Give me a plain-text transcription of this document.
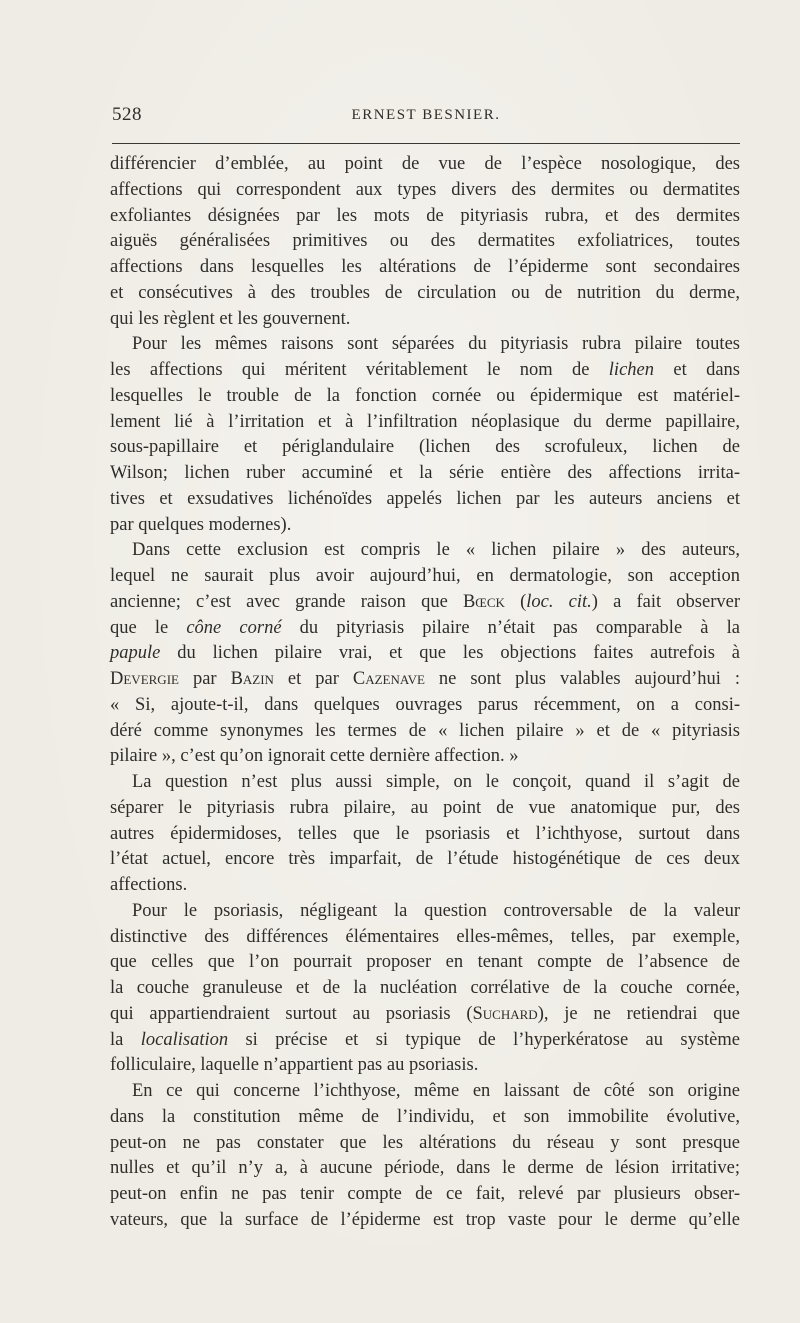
528	ERNEST BESNIER.
différencier d’emblée, au point de vue de l’espèce nosologique, des
affections qui correspondent aux types divers des dermites ou dermatites
exfoliantes désignées par les mots de pityriasis rubra, et des dermites
aiguës généralisées primitives ou des dermatites exfoliatrices, toutes
affections dans lesquelles les altérations de l’épiderme sont secondaires
et consécutives à des troubles de circulation ou de nutrition du derme,
qui les règlent et les gouvernent.
Pour les mêmes raisons sont séparées du pityriasis rubra pilaire toutes
les affections qui méritent véritablement le nom de lichen et dans
lesquelles le trouble de la fonction cornée ou épidermique est matériel-
lement lié à l’irritation et à l’infiltration néoplasique du derme papillaire,
sous-papillaire et périglandulaire (lichen des scrofuleux, lichen de
Wilson; lichen ruber accuminé et la série entière des affections irrita-
tives et exsudatives lichénoïdes appelés lichen par les auteurs anciens et
par quelques modernes).
Dans cette exclusion est compris le « lichen pilaire » des auteurs,
lequel ne saurait plus avoir aujourd’hui, en dermatologie, son acception
ancienne; c’est avec grande raison que Bœck (loc. cit.) a fait observer
que le cône corné du pityriasis pilaire n’était pas comparable à la
papule du lichen pilaire vrai, et que les objections faites autrefois à
Devergie par Bazin et par Cazenave ne sont plus valables aujourd’hui :
« Si, ajoute-t-il, dans quelques ouvrages parus récemment, on a consi-
déré comme synonymes les termes de « lichen pilaire » et de « pityriasis
pilaire », c’est qu’on ignorait cette dernière affection. »
La question n’est plus aussi simple, on le conçoit, quand il s’agit de
séparer le pityriasis rubra pilaire, au point de vue anatomique pur, des
autres épidermidoses, telles que le psoriasis et l’ichthyose, surtout dans
l’état actuel, encore très imparfait, de l’étude histogénétique de ces deux
affections.
Pour le psoriasis, négligeant la question controversable de la valeur
distinctive des différences élémentaires elles-mêmes, telles, par exemple,
que celles que l’on pourrait proposer en tenant compte de l’absence de
la couche granuleuse et de la nucléation corrélative de la couche cornée,
qui appartiendraient surtout au psoriasis (Suchard), je ne retiendrai que
la localisation si précise et si typique de l’hyperkératose au système
folliculaire, laquelle n’appartient pas au psoriasis.
En ce qui concerne l’ichthyose, même en laissant de côté son origine
dans la constitution même de l’individu, et son immobilite évolutive,
peut-on ne pas constater que les altérations du réseau y sont presque
nulles et qu’il n’y a, à aucune période, dans le derme de lésion irritative;
peut-on enfin ne pas tenir compte de ce fait, relevé par plusieurs obser-
vateurs, que la surface de l’épiderme est trop vaste pour le derme qu’elle
